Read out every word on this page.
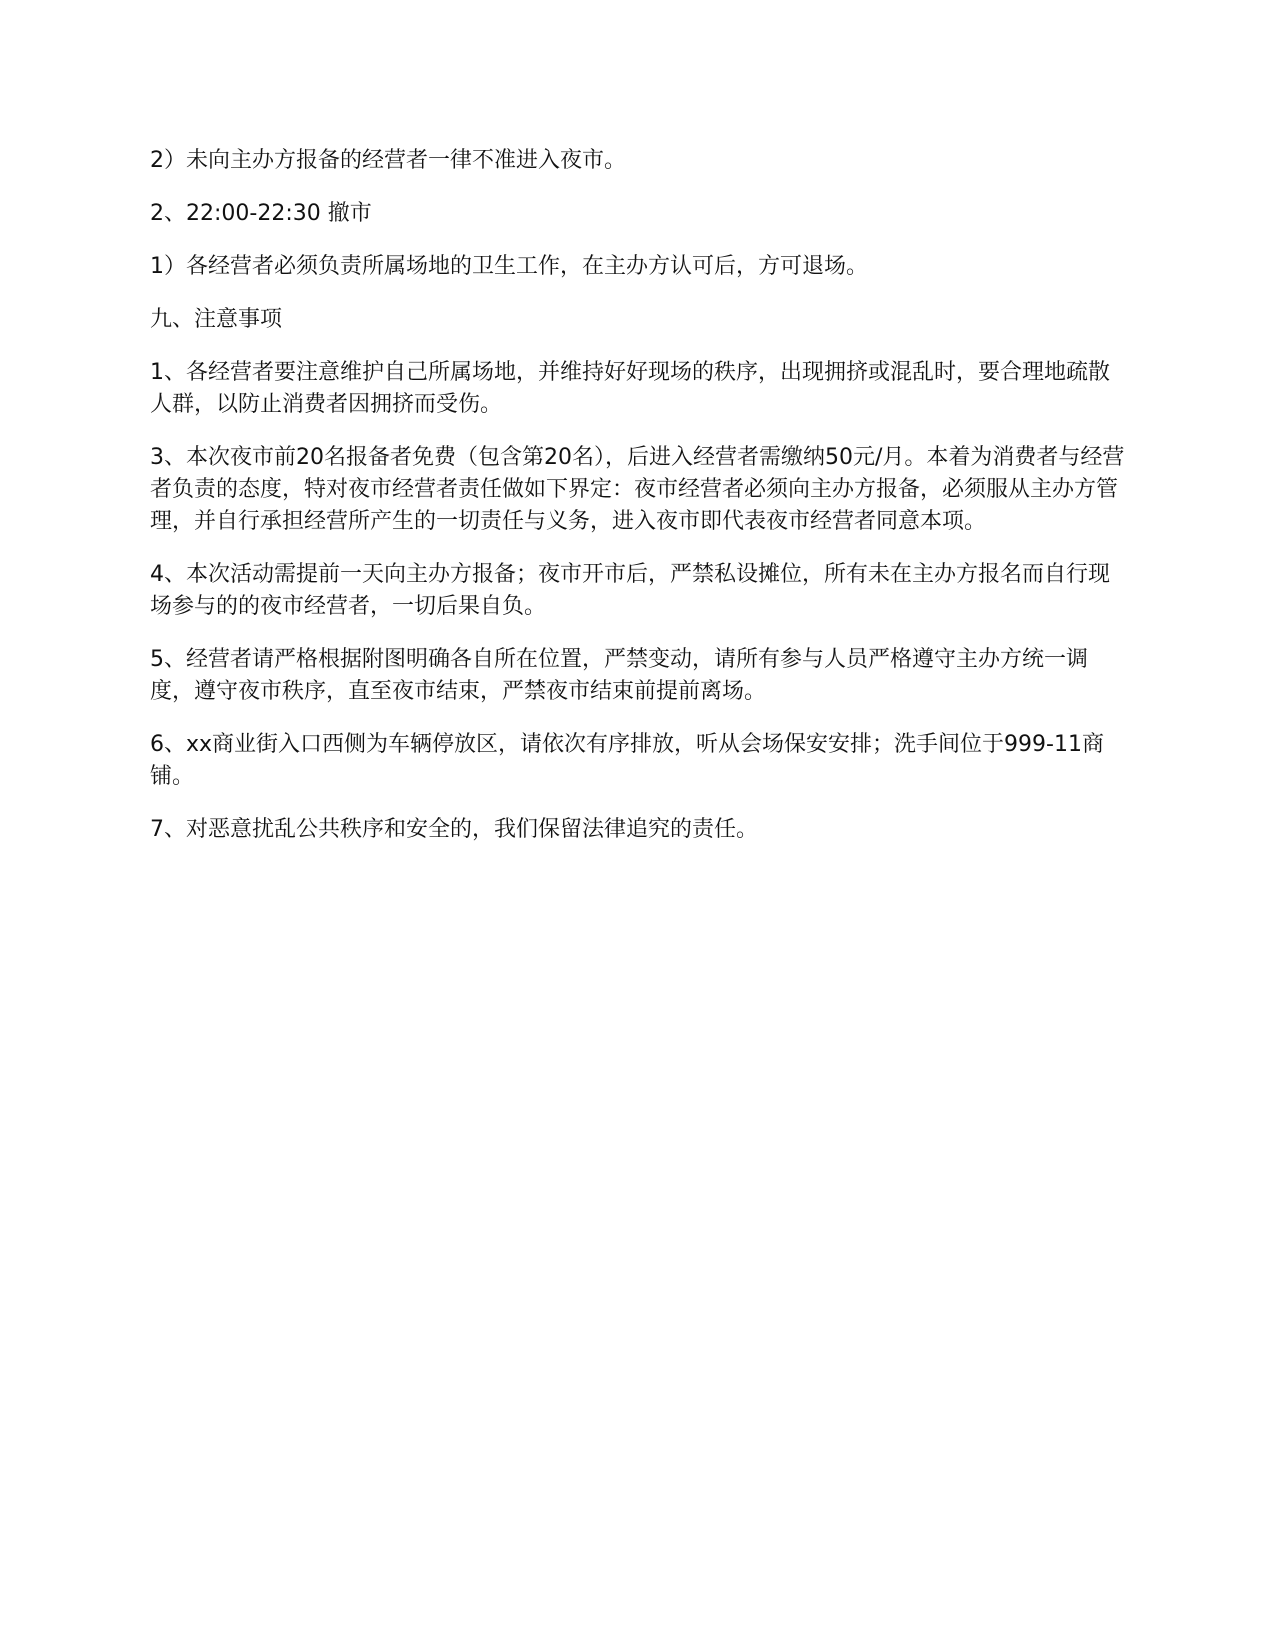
2）未向主办方报备的经营者一律不准进入夜市。

2、22:00-22:30 撤市

1）各经营者必须负责所属场地的卫生工作，在主办方认可后，方可退场。

九、注意事项

1、各经营者要注意维护自己所属场地，并维持好好现场的秩序，出现拥挤或混乱时，要合理地疏散人群，以防止消费者因拥挤而受伤。

3、本次夜市前20名报备者免费（包含第20名），后进入经营者需缴纳50元/月。本着为消费者与经营者负责的态度，特对夜市经营者责任做如下界定：夜市经营者必须向主办方报备，必须服从主办方管理，并自行承担经营所产生的一切责任与义务，进入夜市即代表夜市经营者同意本项。

4、本次活动需提前一天向主办方报备；夜市开市后，严禁私设摊位，所有未在主办方报名而自行现场参与的的夜市经营者，一切后果自负。

5、经营者请严格根据附图明确各自所在位置，严禁变动，请所有参与人员严格遵守主办方统一调度，遵守夜市秩序，直至夜市结束，严禁夜市结束前提前离场。

6、xx商业街入口西侧为车辆停放区，请依次有序排放，听从会场保安安排；洗手间位于999-11商铺。

7、对恶意扰乱公共秩序和安全的，我们保留法律追究的责任。
